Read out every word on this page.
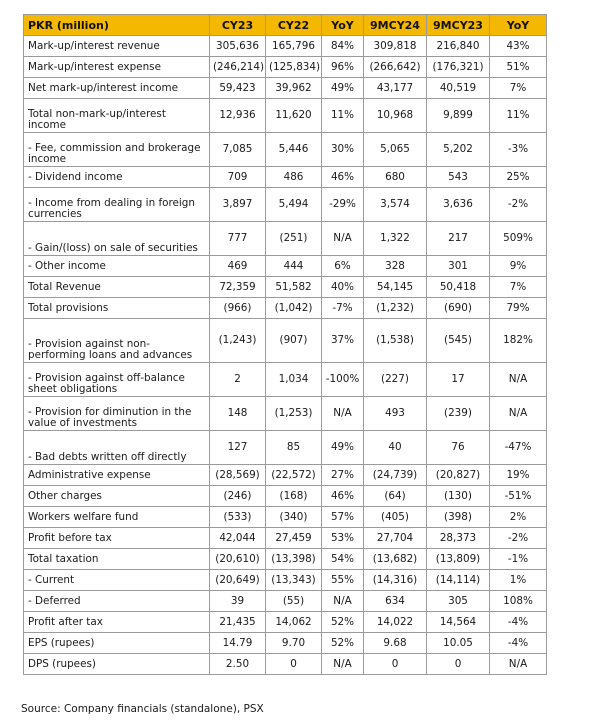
PKR (million)	CY23	CY22	YoY	9MCY24	9MCY23	YoY
Mark-up/interest revenue	305,636	165,796	84%	309,818	216,840	43%
Mark-up/interest expense	(246,214)	(125,834)	96%	(266,642)	(176,321)	51%
Net mark-up/interest income	59,423	39,962	49%	43,177	40,519	7%
Total non-mark-up/interest income	12,936	11,620	11%	10,968	9,899	11%
- Fee, commission and brokerage income	7,085	5,446	30%	5,065	5,202	-3%
- Dividend income	709	486	46%	680	543	25%
- Income from dealing in foreign currencies	3,897	5,494	-29%	3,574	3,636	-2%
- Gain/(loss) on sale of securities	777	(251)	N/A	1,322	217	509%
- Other income	469	444	6%	328	301	9%
Total Revenue	72,359	51,582	40%	54,145	50,418	7%
Total provisions	(966)	(1,042)	-7%	(1,232)	(690)	79%
- Provision against non-performing loans and advances	(1,243)	(907)	37%	(1,538)	(545)	182%
- Provision against off-balance sheet obligations	2	1,034	-100%	(227)	17	N/A
- Provision for diminution in the value of investments	148	(1,253)	N/A	493	(239)	N/A
- Bad debts written off directly	127	85	49%	40	76	-47%
Administrative expense	(28,569)	(22,572)	27%	(24,739)	(20,827)	19%
Other charges	(246)	(168)	46%	(64)	(130)	-51%
Workers welfare fund	(533)	(340)	57%	(405)	(398)	2%
Profit before tax	42,044	27,459	53%	27,704	28,373	-2%
Total taxation	(20,610)	(13,398)	54%	(13,682)	(13,809)	-1%
- Current	(20,649)	(13,343)	55%	(14,316)	(14,114)	1%
- Deferred	39	(55)	N/A	634	305	108%
Profit after tax	21,435	14,062	52%	14,022	14,564	-4%
EPS (rupees)	14.79	9.70	52%	9.68	10.05	-4%
DPS (rupees)	2.50	0	N/A	0	0	N/A
Source: Company financials (standalone), PSX
